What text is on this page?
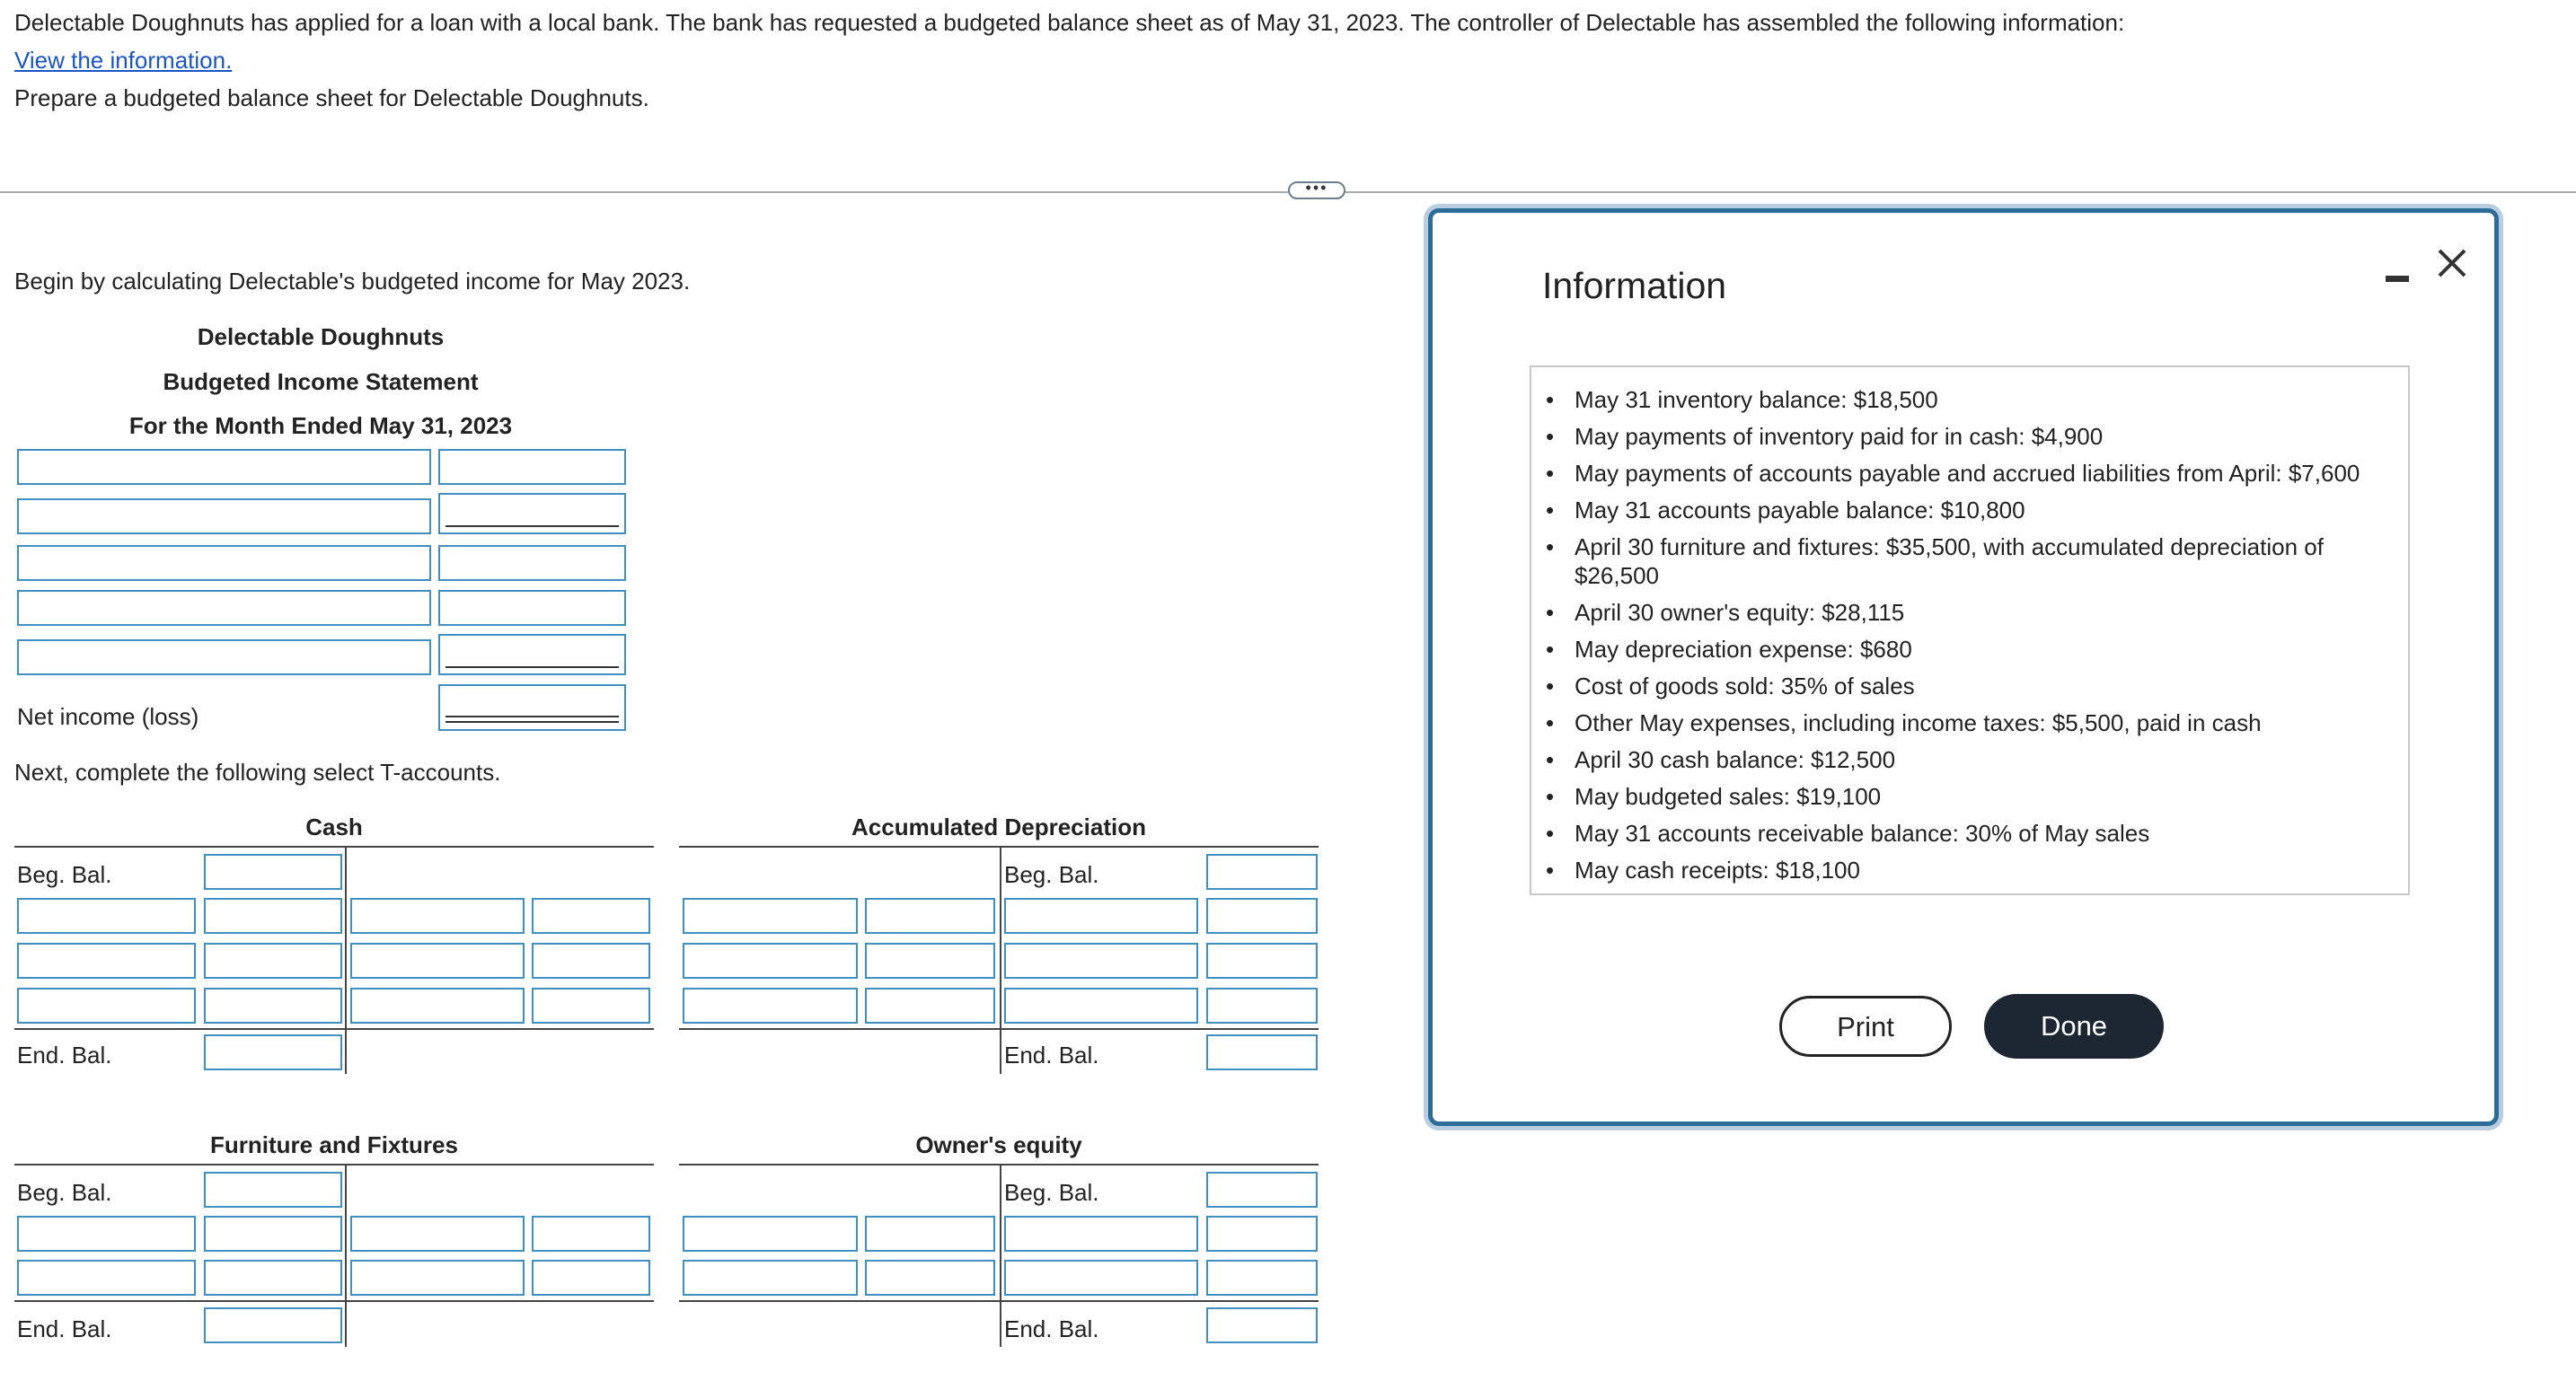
Delectable Doughnuts has applied for a loan with a local bank. The bank has requested a budgeted balance sheet as of May 31, 2023. The controller of Delectable has assembled the following information:
View the information.
Prepare a budgeted balance sheet for Delectable Doughnuts.
•••
Begin by calculating Delectable's budgeted income for May 2023.
Delectable Doughnuts
Budgeted Income Statement
For the Month Ended May 31, 2023
Net income (loss)
Next, complete the following select T-accounts.
Cash
Beg. Bal.
End. Bal.
Accumulated Depreciation
Beg. Bal.
End. Bal.
Furniture and Fixtures
Beg. Bal.
End. Bal.
Owner's equity
Beg. Bal.
End. Bal.
Information
• May 31 inventory balance: $18,500
• May payments of inventory paid for in cash: $4,900
• May payments of accounts payable and accrued liabilities from April: $7,600
• May 31 accounts payable balance: $10,800
• April 30 furniture and fixtures: $35,500, with accumulated depreciation of $26,500
• April 30 owner's equity: $28,115
• May depreciation expense: $680
• Cost of goods sold: 35% of sales
• Other May expenses, including income taxes: $5,500, paid in cash
• April 30 cash balance: $12,500
• May budgeted sales: $19,100
• May 31 accounts receivable balance: 30% of May sales
• May cash receipts: $18,100
Print	Done
